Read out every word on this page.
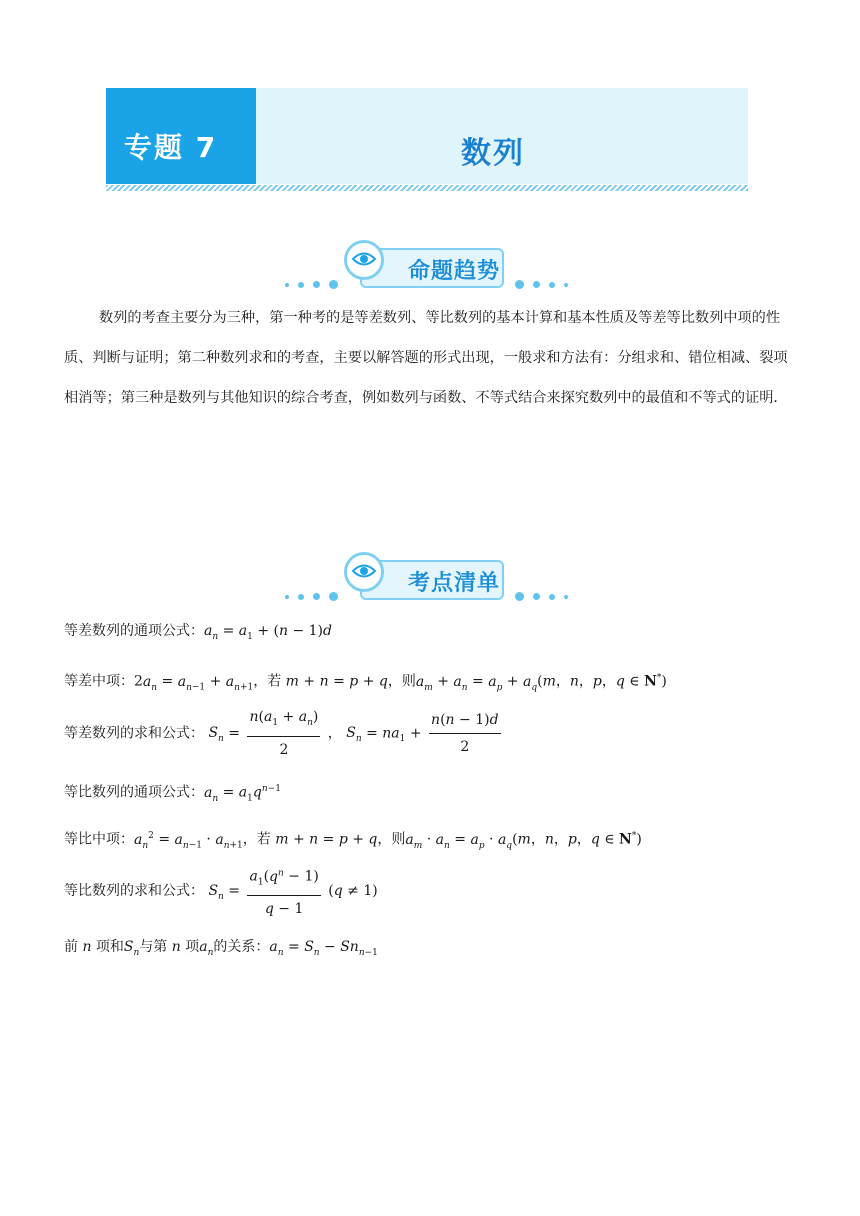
专题 7	数列
命题趋势

数列的考查主要分为三种，第一种考的是等差数列、等比数列的基本计算和基本性质及等差等比数列中项的性质、判断与证明；第二种数列求和的考查，主要以解答题的形式出现，一般求和方法有：分组求和、错位相减、裂项相消等；第三种是数列与其他知识的综合考查，例如数列与函数、不等式结合来探究数列中的最值和不等式的证明．

考点清单
等差数列的通项公式：$a_n = a_1 + (n - 1)d$
等差中项：$2a_n = a_{n-1} + a_{n+1}$，若 m + n = p + q，则$a_m + a_n = a_p + a_q(m$，n，p，q ∈ N*)
等差数列的求和公式： $S_n = \frac{n(a_1 + a_n)}{2}$ ， $S_n = na_1 + \frac{n(n - 1)d}{2}$
等比数列的通项公式：$a_n = a_1q^{n-1}$
等比中项：$a_n^2 = a_{n-1} \cdot a_{n+1}$，若 m + n = p + q，则$a_m \cdot a_n = a_p \cdot a_q(m$，n，p，q ∈ N*)
等比数列的求和公式： $S_n = \frac{a_1(q^n - 1)}{q - 1} (q \ne 1)$
前 n 项和$S_n$与第 n 项$a_n$的关系：$a_n = S_n - Sn_{n-1}$
